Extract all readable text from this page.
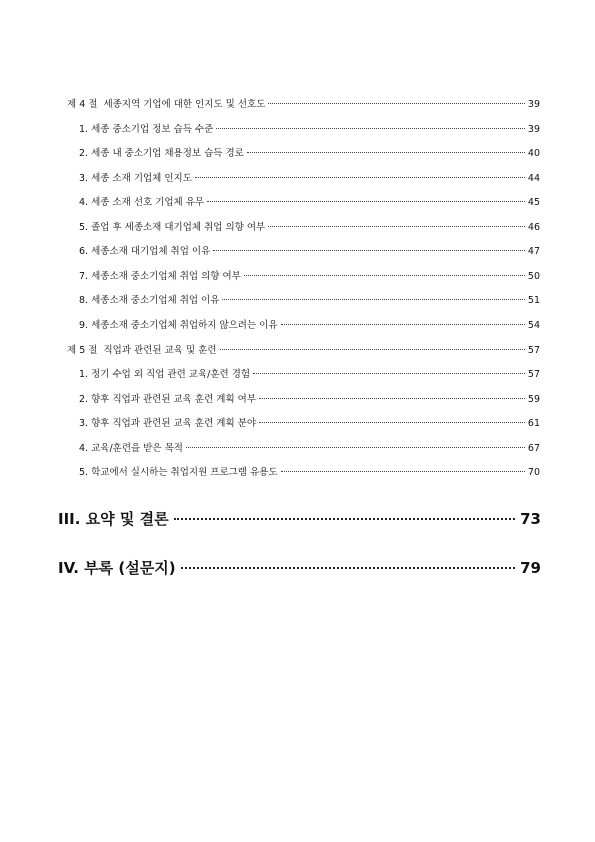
제 4 절  세종지역 기업에 대한 인지도 및 선호도	39
1. 세종 중소기업 정보 습득 수준	39
2. 세종 내 중소기업 채용정보 습득 경로	40
3. 세종 소재 기업체 인지도	44
4. 세종 소재 선호 기업체 유무	45
5. 졸업 후 세종소재 대기업체 취업 의향 여부	46
6. 세종소재 대기업체 취업 이유	47
7. 세종소재 중소기업체 취업 의향 여부	50
8. 세종소재 중소기업체 취업 이유	51
9. 세종소재 중소기업체 취업하지 않으려는 이유	54
제 5 절  직업과 관련된 교육 및 훈련	57
1. 정기 수업 외 직업 관련 교육/훈련 경험	57
2. 향후 직업과 관련된 교육 훈련 계획 여부	59
3. 향후 직업과 관련된 교육 훈련 계획 분야	61
4. 교육/훈련을 받은 목적	67
5. 학교에서 실시하는 취업지원 프로그램 유용도	70
III. 요약 및 결론	73
IV. 부록 (설문지)	79
